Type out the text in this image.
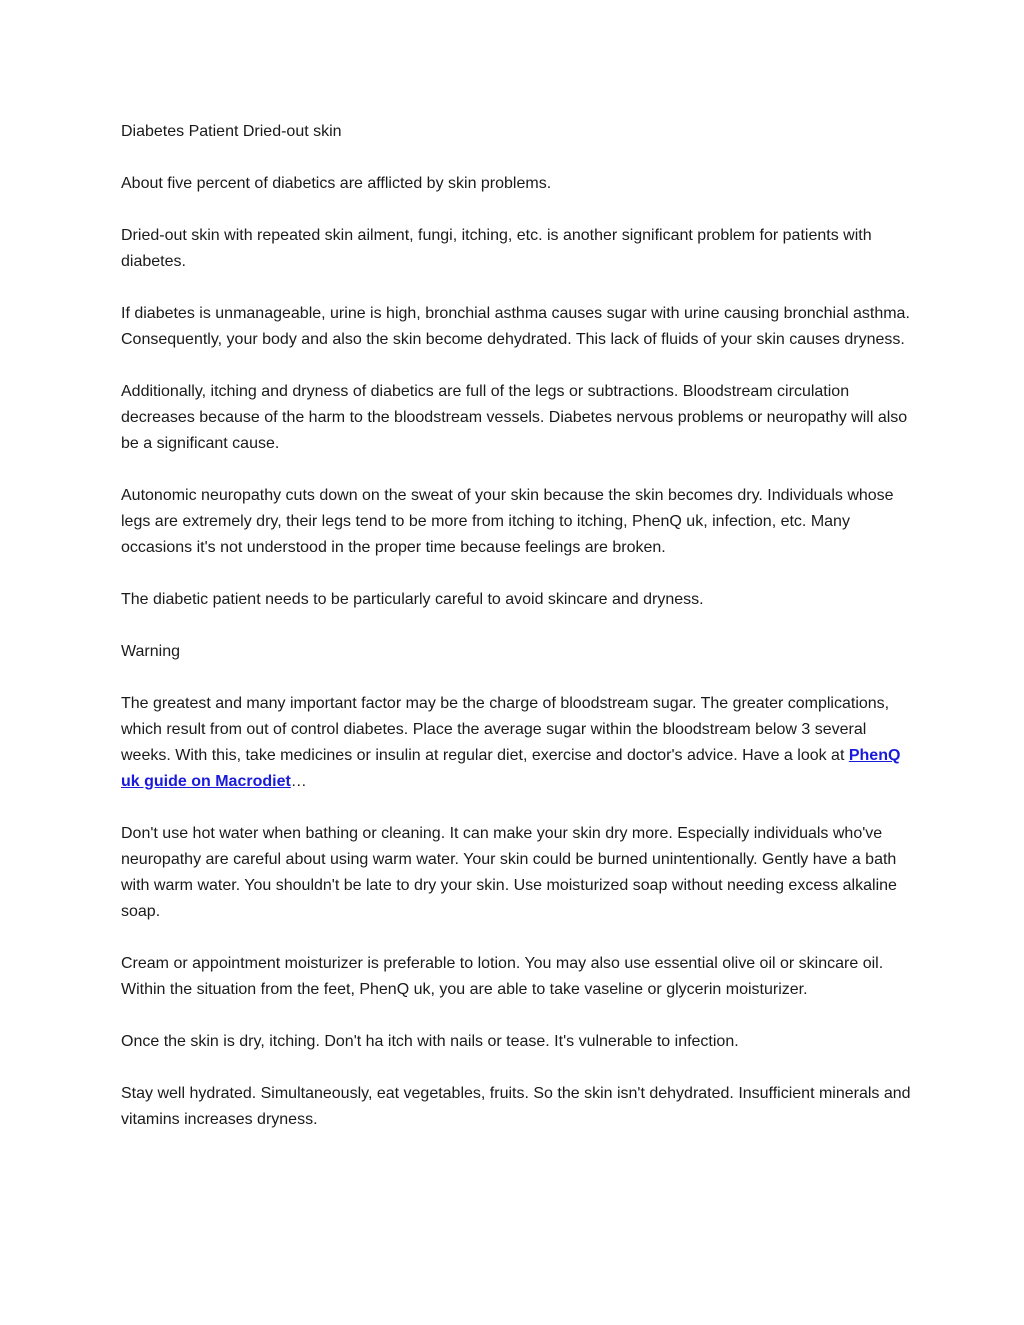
Diabetes Patient Dried-out skin

About five percent of diabetics are afflicted by skin problems.

Dried-out skin with repeated skin ailment, fungi, itching, etc. is another significant problem for patients with diabetes.

If diabetes is unmanageable, urine is high, bronchial asthma causes sugar with urine causing bronchial asthma. Consequently, your body and also the skin become dehydrated. This lack of fluids of your skin causes dryness.

Additionally, itching and dryness of diabetics are full of the legs or subtractions. Bloodstream circulation decreases because of the harm to the bloodstream vessels. Diabetes nervous problems or neuropathy will also be a significant cause.

Autonomic neuropathy cuts down on the sweat of your skin because the skin becomes dry. Individuals whose legs are extremely dry, their legs tend to be more from itching to itching, PhenQ uk, infection, etc. Many occasions it's not understood in the proper time because feelings are broken.

The diabetic patient needs to be particularly careful to avoid skincare and dryness.

Warning

The greatest and many important factor may be the charge of bloodstream sugar. The greater complications, which result from out of control diabetes. Place the average sugar within the bloodstream below 3 several weeks. With this, take medicines or insulin at regular diet, exercise and doctor's advice. Have a look at PhenQ uk guide on Macrodiet…

Don't use hot water when bathing or cleaning. It can make your skin dry more. Especially individuals who've neuropathy are careful about using warm water. Your skin could be burned unintentionally. Gently have a bath with warm water. You shouldn't be late to dry your skin. Use moisturized soap without needing excess alkaline soap.

Cream or appointment moisturizer is preferable to lotion. You may also use essential olive oil or skincare oil. Within the situation from the feet, PhenQ uk, you are able to take vaseline or glycerin moisturizer.

Once the skin is dry, itching. Don't ha itch with nails or tease. It's vulnerable to infection.

Stay well hydrated. Simultaneously, eat vegetables, fruits. So the skin isn't dehydrated. Insufficient minerals and vitamins increases dryness.
